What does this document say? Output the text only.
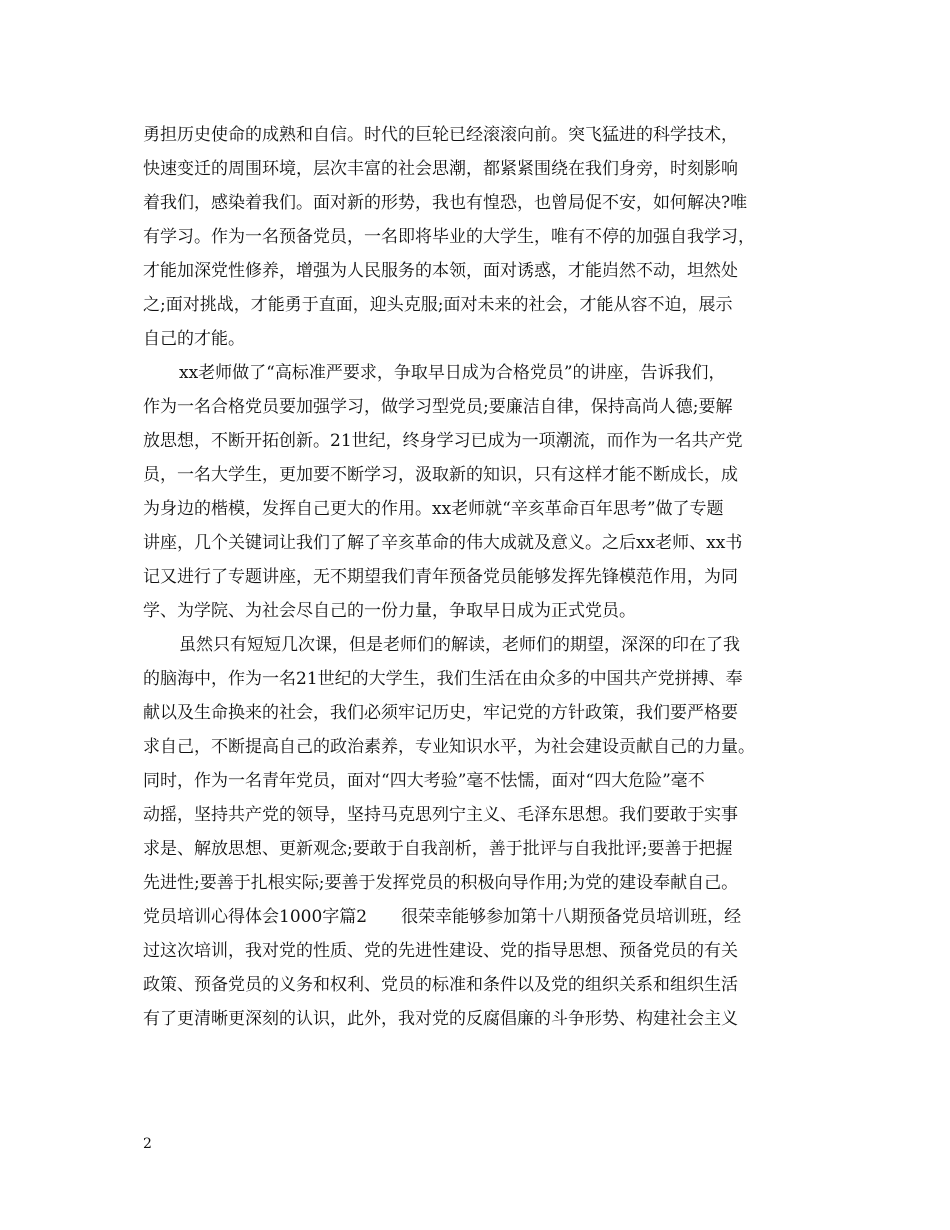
勇担历史使命的成熟和自信。时代的巨轮已经滚滚向前。突飞猛进的科学技术，
快速变迁的周围环境，层次丰富的社会思潮，都紧紧围绕在我们身旁，时刻影响
着我们，感染着我们。面对新的形势，我也有惶恐，也曾局促不安，如何解决?唯
有学习。作为一名预备党员，一名即将毕业的大学生，唯有不停的加强自我学习，
才能加深党性修养，增强为人民服务的本领，面对诱惑，才能岿然不动，坦然处
之;面对挑战，才能勇于直面，迎头克服;面对未来的社会，才能从容不迫，展示
自己的才能。
xx老师做了“高标准严要求，争取早日成为合格党员”的讲座，告诉我们，
作为一名合格党员要加强学习，做学习型党员;要廉洁自律，保持高尚人德;要解
放思想，不断开拓创新。21世纪，终身学习已成为一项潮流，而作为一名共产党
员，一名大学生，更加要不断学习，汲取新的知识，只有这样才能不断成长，成
为身边的楷模，发挥自己更大的作用。xx老师就“辛亥革命百年思考”做了专题
讲座，几个关键词让我们了解了辛亥革命的伟大成就及意义。之后xx老师、xx书
记又进行了专题讲座，无不期望我们青年预备党员能够发挥先锋模范作用，为同
学、为学院、为社会尽自己的一份力量，争取早日成为正式党员。
虽然只有短短几次课，但是老师们的解读，老师们的期望，深深的印在了我
的脑海中，作为一名21世纪的大学生，我们生活在由众多的中国共产党拼搏、奉
献以及生命换来的社会，我们必须牢记历史，牢记党的方针政策，我们要严格要
求自己，不断提高自己的政治素养，专业知识水平，为社会建设贡献自己的力量。
同时，作为一名青年党员，面对“四大考验”毫不怯懦，面对“四大危险”毫不
动摇，坚持共产党的领导，坚持马克思列宁主义、毛泽东思想。我们要敢于实事
求是、解放思想、更新观念;要敢于自我剖析，善于批评与自我批评;要善于把握
先进性;要善于扎根实际;要善于发挥党员的积极向导作用;为党的建设奉献自己。
党员培训心得体会1000字篇2　　很荣幸能够参加第十八期预备党员培训班，经
过这次培训，我对党的性质、党的先进性建设、党的指导思想、预备党员的有关
政策、预备党员的义务和权利、党员的标准和条件以及党的组织关系和组织生活
有了更清晰更深刻的认识，此外，我对党的反腐倡廉的斗争形势、构建社会主义
2
